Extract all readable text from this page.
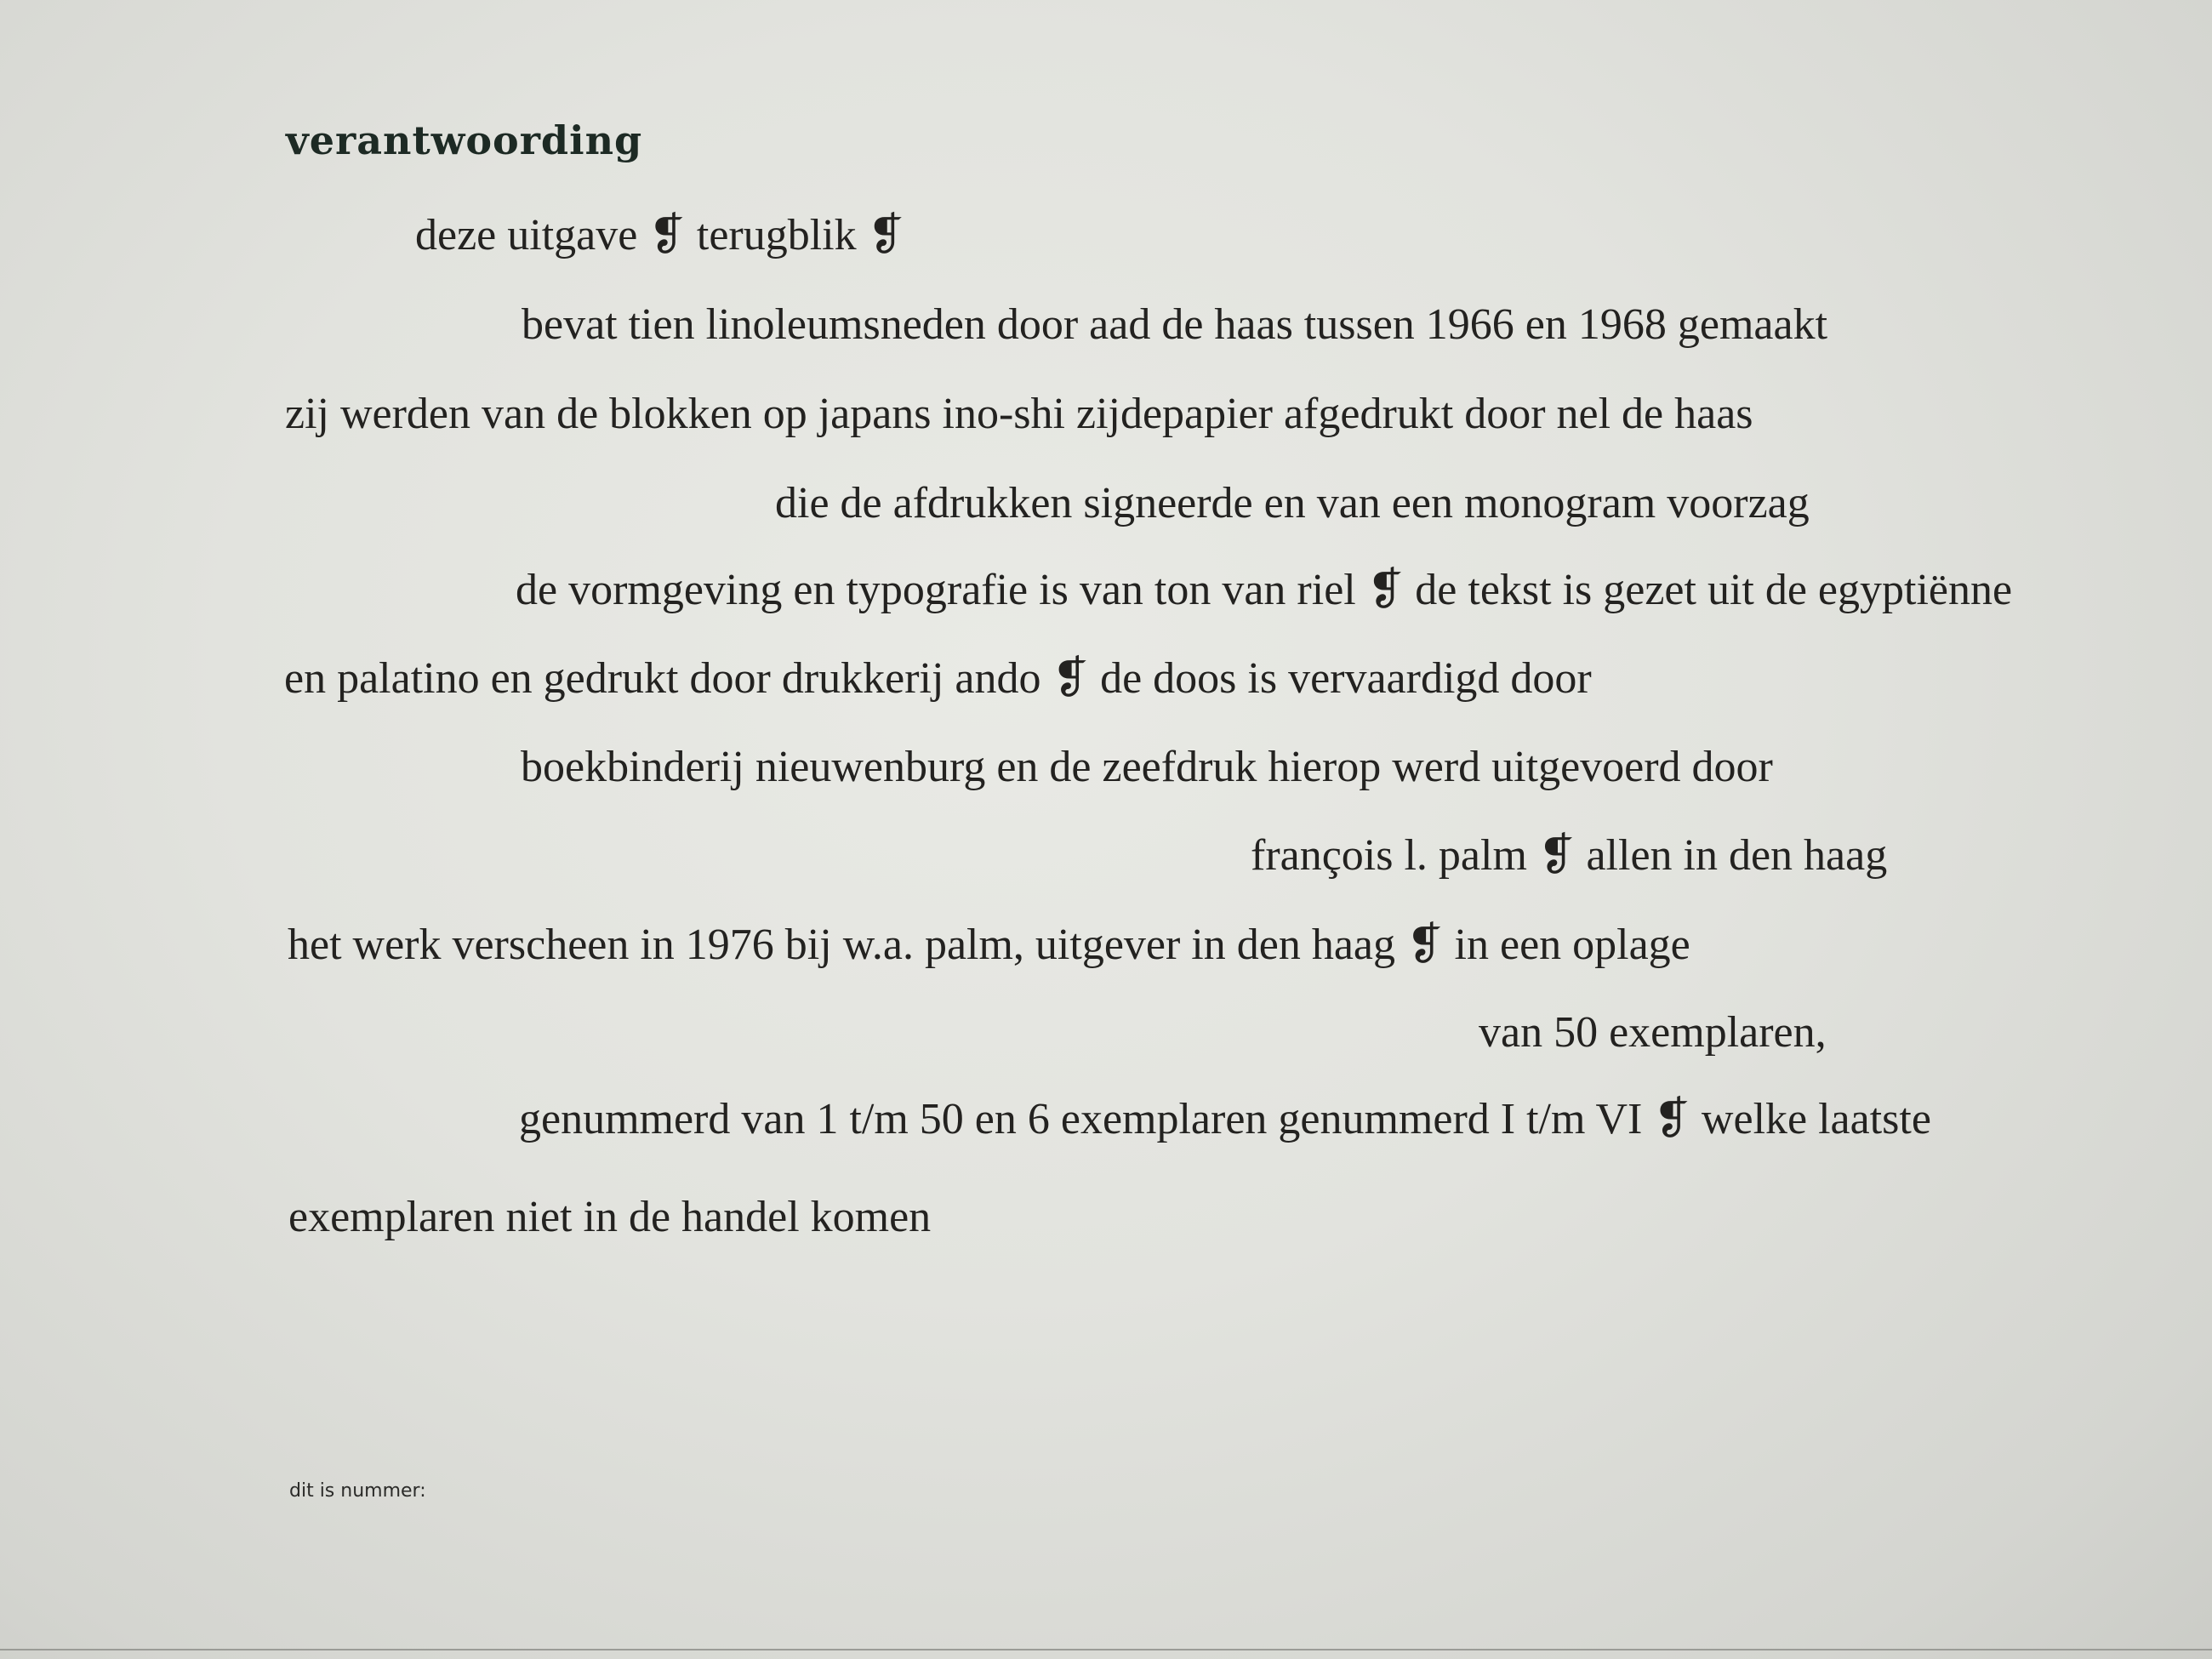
verantwoording
deze uitgave ❡ terugblik ❡
bevat tien linoleumsneden door aad de haas tussen 1966 en 1968 gemaakt
zij werden van de blokken op japans ino-shi zijdepapier afgedrukt door nel de haas
die de afdrukken signeerde en van een monogram voorzag
de vormgeving en typografie is van ton van riel ❡ de tekst is gezet uit de egyptiënne
en palatino en gedrukt door drukkerij ando ❡ de doos is vervaardigd door
boekbinderij nieuwenburg en de zeefdruk hierop werd uitgevoerd door
françois l. palm ❡ allen in den haag
het werk verscheen in 1976 bij w.a. palm, uitgever in den haag ❡ in een oplage
van 50 exemplaren,
genummerd van 1 t/m 50 en 6 exemplaren genummerd I t/m VI ❡ welke laatste
exemplaren niet in de handel komen
dit is nummer:
